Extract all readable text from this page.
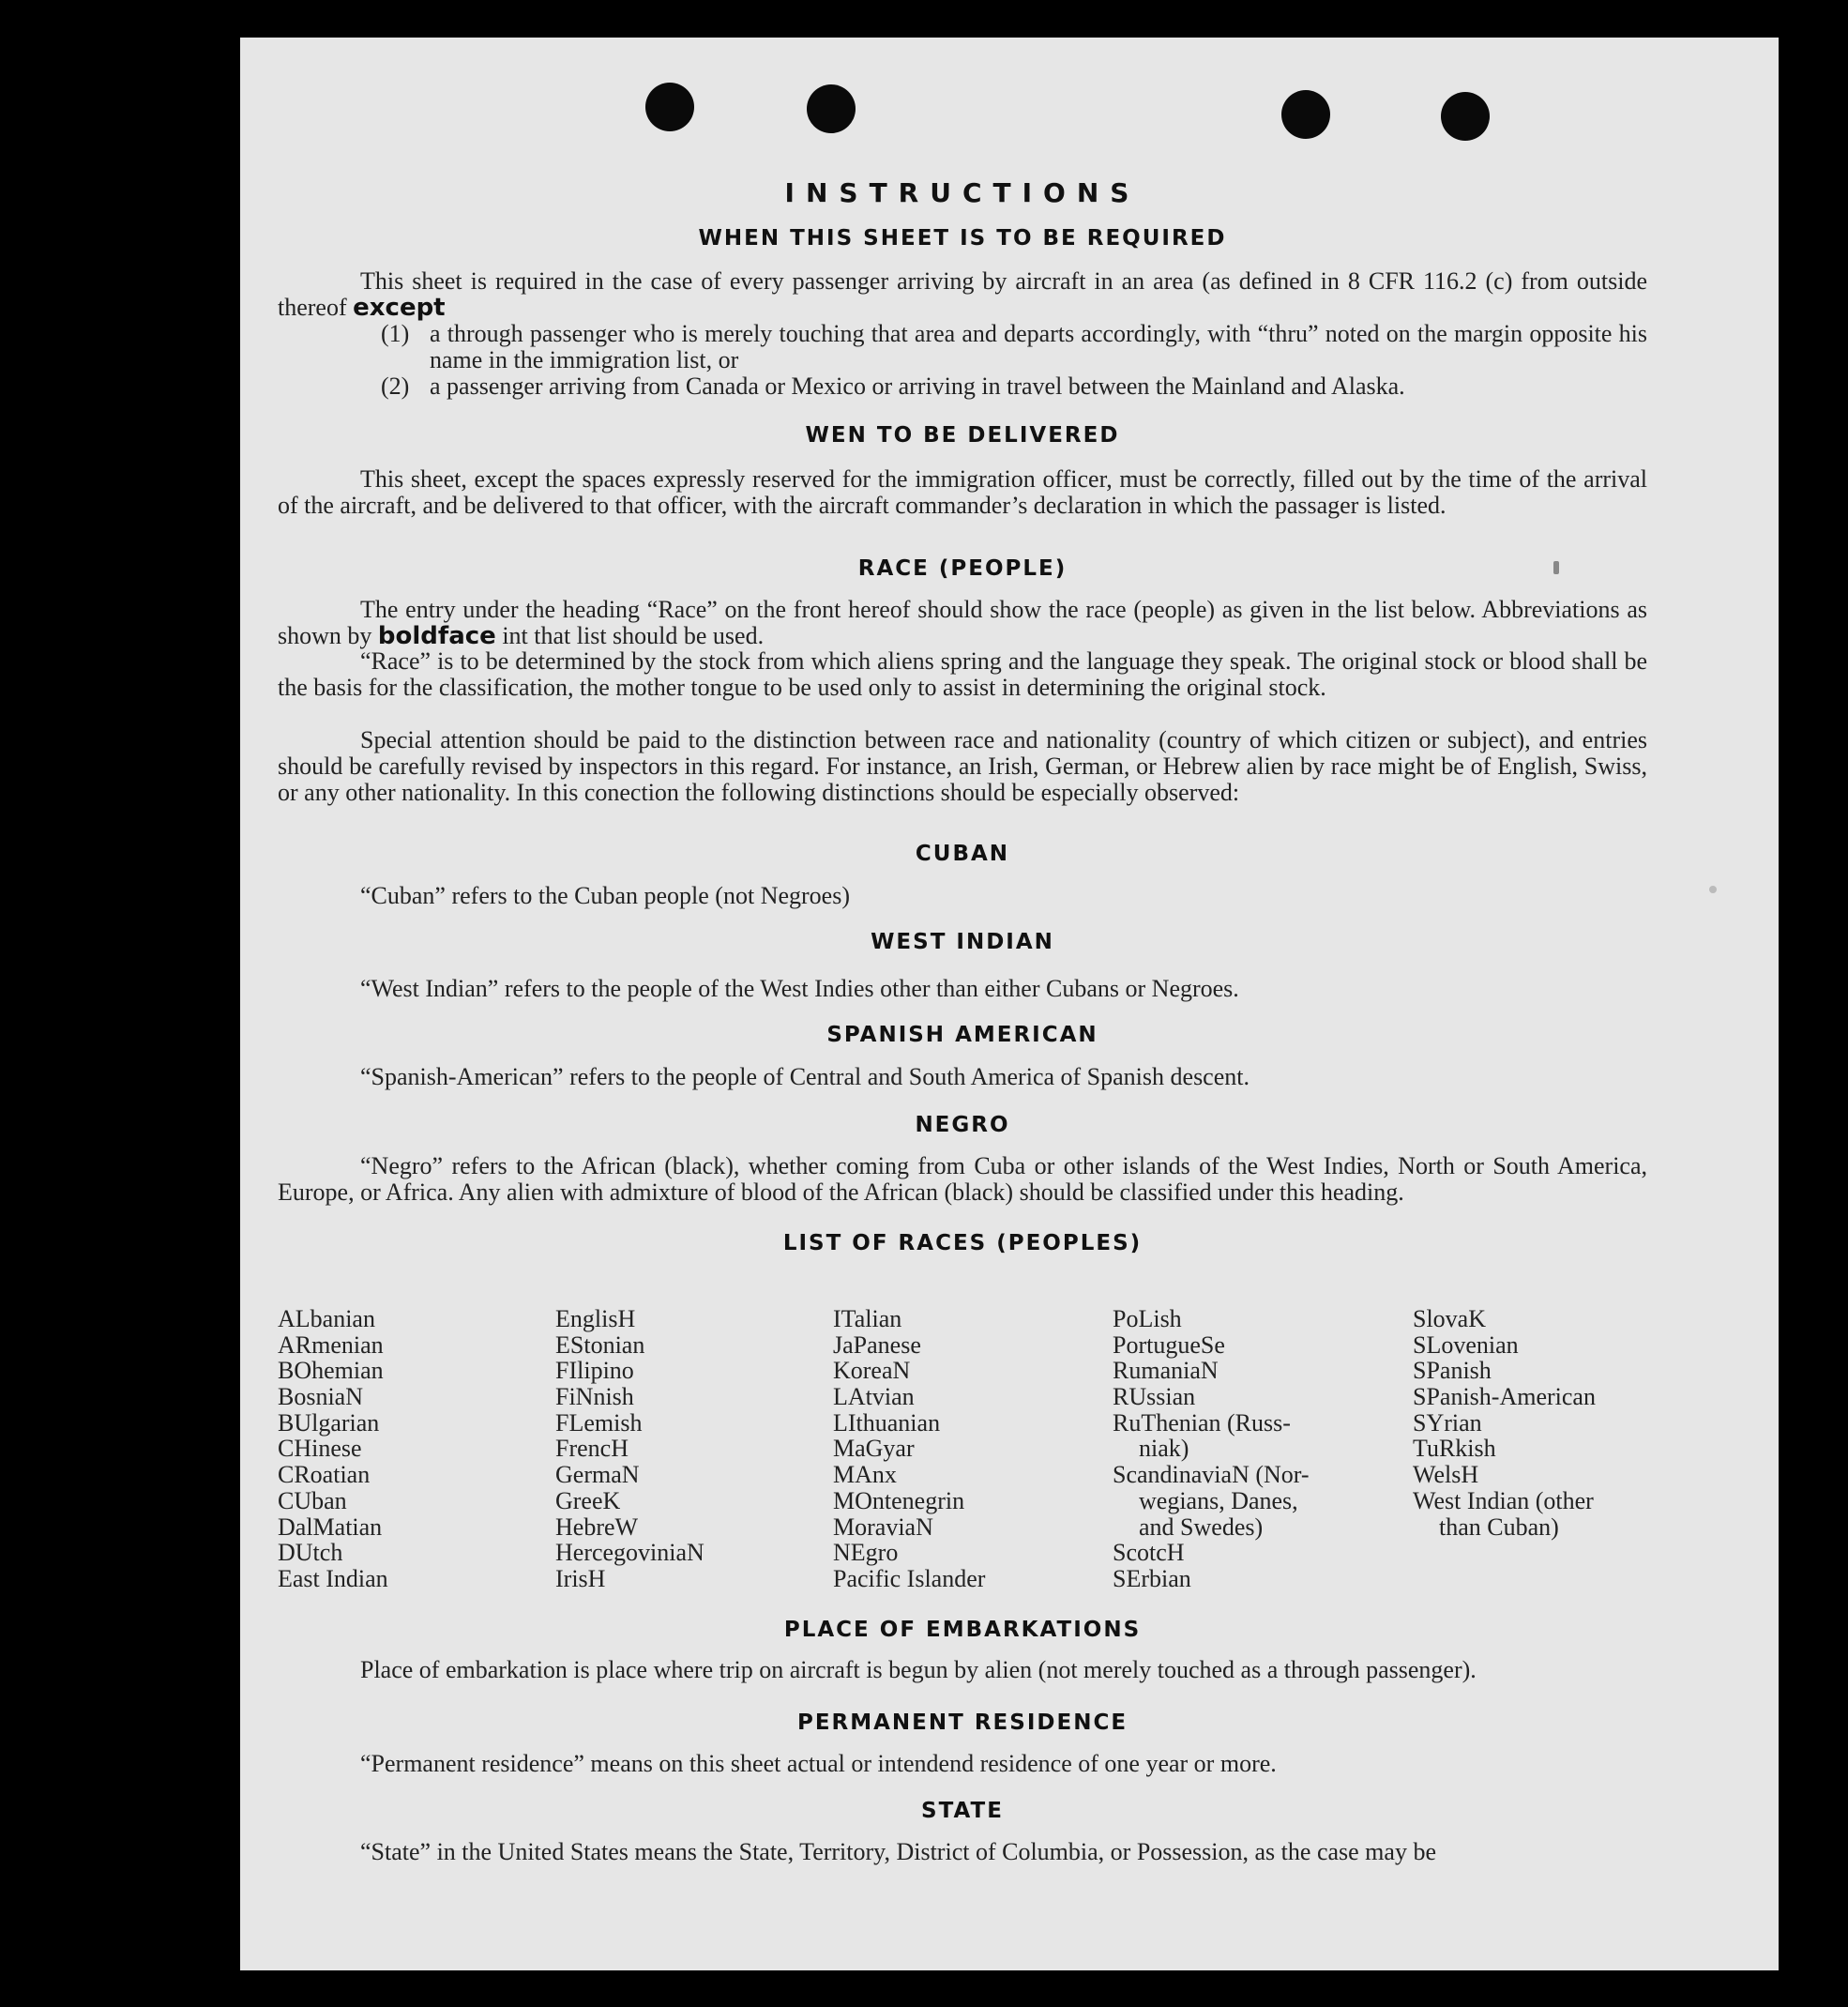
INSTRUCTIONS
WHEN THIS SHEET IS TO BE REQUIRED
This sheet is required in the case of every passenger arriving by aircraft in an area (as defined in 8 CFR 116.2 (c) from outside thereof except
(1) a through passenger who is merely touching that area and departs accordingly, with “thru” noted on the margin opposite his name in the immigration list, or
(2) a passenger arriving from Canada or Mexico or arriving in travel between the Mainland and Alaska.
WEN TO BE DELIVERED
This sheet, except the spaces expressly reserved for the immigration officer, must be correctly, filled out by the time of the arrival of the aircraft, and be delivered to that officer, with the aircraft commander’s declaration in which the passager is listed.
RACE (PEOPLE)
The entry under the heading “Race” on the front hereof should show the race (people) as given in the list below. Abbreviations as shown by boldface int that list should be used.
“Race” is to be determined by the stock from which aliens spring and the language they speak. The original stock or blood shall be the basis for the classification, the mother tongue to be used only to assist in determining the original stock.
Special attention should be paid to the distinction between race and nationality (country of which citizen or subject), and entries should be carefully revised by inspectors in this regard. For instance, an Irish, German, or Hebrew alien by race might be of English, Swiss, or any other nationality. In this conection the following distinctions should be especially observed:
CUBAN
“Cuban” refers to the Cuban people (not Negroes)
WEST INDIAN
“West Indian” refers to the people of the West Indies other than either Cubans or Negroes.
SPANISH AMERICAN
“Spanish-American” refers to the people of Central and South America of Spanish descent.
NEGRO
“Negro” refers to the African (black), whether coming from Cuba or other islands of the West Indies, North or South America, Europe, or Africa. Any alien with admixture of blood of the African (black) should be classified under this heading.
LIST OF RACES (PEOPLES)
ALbanian
ARmenian
BOhemian
BosniaN
BUlgarian
CHinese
CRoatian
CUban
DalMatian
DUtch
East Indian
EnglisH
EStonian
FIlipino
FiNnish
FLemish
FrencH
GermaN
GreeK
HebreW
HercegoviniaN
IrisH
ITalian
JaPanese
KoreaN
LAtvian
LIthuanian
MaGyar
MAnx
MOntenegrin
MoraviaN
NEgro
Pacific Islander
PoLish
PortugueSe
RumaniaN
RUssian
RuThenian (Russ-
niak)
ScandinaviaN (Nor-
wegians, Danes,
and Swedes)
ScotcH
SErbian
SlovaK
SLovenian
SPanish
SPanish-American
SYrian
TuRkish
WelsH
West Indian (other
than Cuban)
PLACE OF EMBARKATIONS
Place of embarkation is place where trip on aircraft is begun by alien (not merely touched as a through passenger).
PERMANENT RESIDENCE
“Permanent residence” means on this sheet actual or intendend residence of one year or more.
STATE
“State” in the United States means the State, Territory, District of Columbia, or Possession, as the case may be
